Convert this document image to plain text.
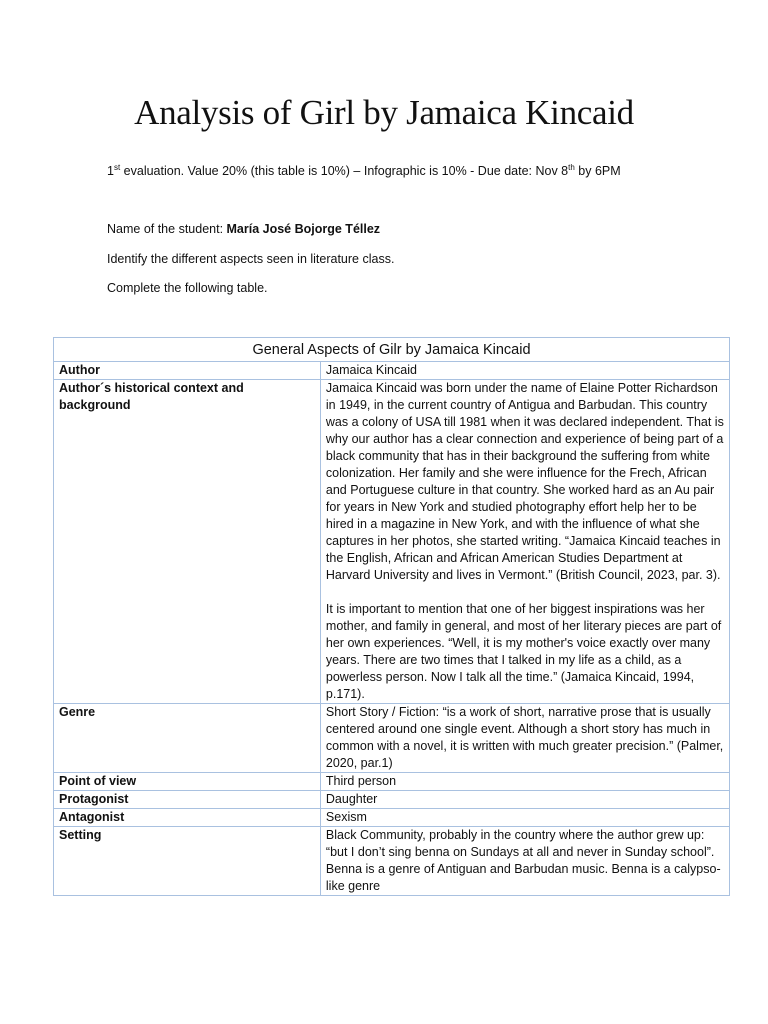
Analysis of Girl by Jamaica Kincaid
1st evaluation. Value 20% (this table is 10%) – Infographic is 10% - Due date: Nov 8th by 6PM
Name of the student: María José Bojorge Téllez
Identify the different aspects seen in literature class.
Complete the following table.
General Aspects of Gilr by Jamaica Kincaid	
Author	Jamaica Kincaid

Author´s historical context and background	Jamaica Kincaid was born under the name of Elaine Potter Richardson in 1949, in the current country of Antigua and Barbudan. This country was a colony of USA till 1981 when it was declared independent. That is why our author has a clear connection and experience of being part of a black community that has in their background the suffering from white colonization. Her family and she were influence for the Frech, African and Portuguese culture in that country. She worked hard as an Au pair for years in New York and studied photography effort help her to be hired in a magazine in New York, and with the influence of what she captures in her photos, she started writing. “Jamaica Kincaid teaches in the English, African and African American Studies Department at Harvard University and lives in Vermont.” (British Council, 2023, par. 3).
It is important to mention that one of her biggest inspirations was her mother, and family in general, and most of her literary pieces are part of her own experiences. “Well, it is my mother's voice exactly over many years. There are two times that I talked in my life as a child, as a powerless person. Now I talk all the time.” (Jamaica Kincaid, 1994, p.171).

Genre	Short Story / Fiction: “is a work of short, narrative prose that is usually centered around one single event. Although a short story has much in common with a novel, it is written with much greater precision.” (Palmer, 2020, par.1)

Point of view	Third person

Protagonist	Daughter

Antagonist	Sexism

Setting	Black Community, probably in the country where the author grew up: “but I don’t sing benna on Sundays at all and never in Sunday school”. Benna is a genre of Antiguan and Barbudan music. Benna is a calypso-like genre
